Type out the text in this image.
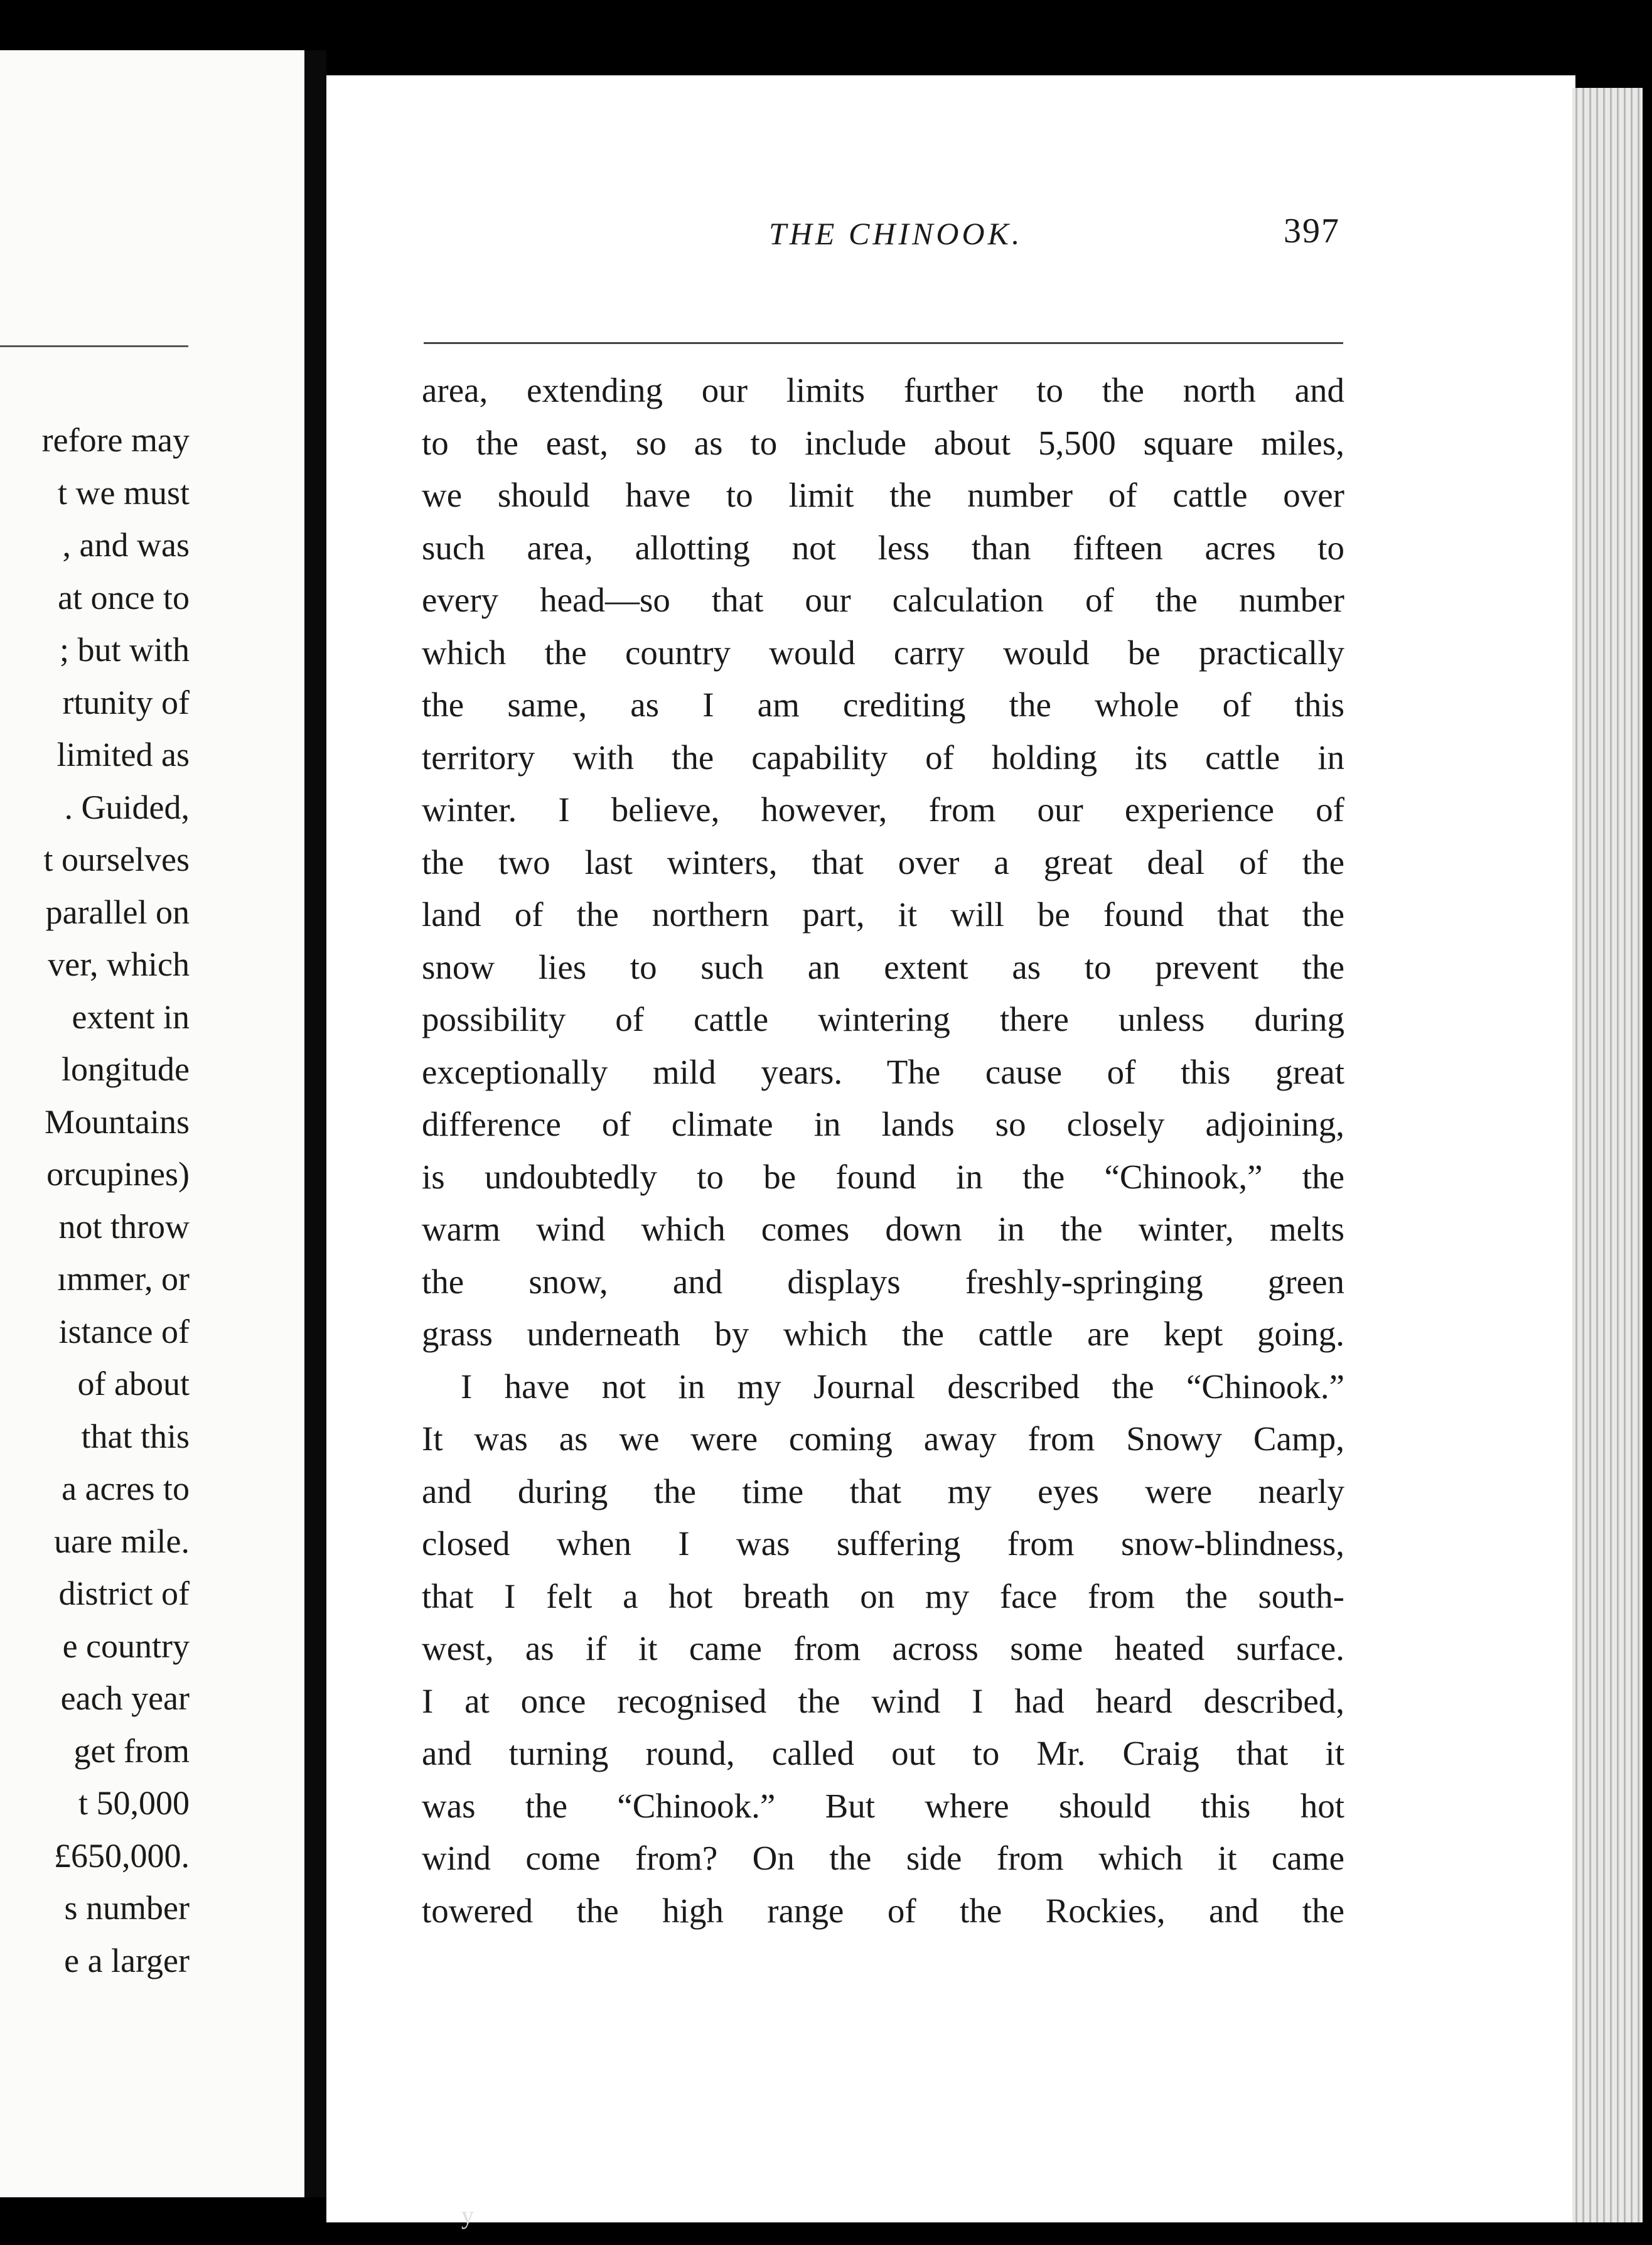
refore may
t we must
, and was
at once to
; but with
rtunity of
limited as
. Guided,
t ourselves
parallel on
ver, which
extent in
longitude
Mountains
orcupines)
not throw
ımmer, or
istance of
of about
that this
a acres to
uare mile.
district of
e country
each year
get from
t 50,000
£650,000.
s number
e a larger
THE CHINOOK.	397
area, extending our limits further to the north and
to the east, so as to include about 5,500 square miles,
we should have to limit the number of cattle over
such area, allotting not less than fifteen acres to
every head—so that our calculation of the number
which the country would carry would be practically
the same, as I am crediting the whole of this
territory with the capability of holding its cattle in
winter. I believe, however, from our experience of
the two last winters, that over a great deal of the
land of the northern part, it will be found that the
snow lies to such an extent as to prevent the
possibility of cattle wintering there unless during
exceptionally mild years. The cause of this great
difference of climate in lands so closely adjoining,
is undoubtedly to be found in the “Chinook,” the
warm wind which comes down in the winter, melts
the snow, and displays freshly-springing green
grass underneath by which the cattle are kept going.
I have not in my Journal described the “Chinook.”
It was as we were coming away from Snowy Camp,
and during the time that my eyes were nearly
closed when I was suffering from snow-blindness,
that I felt a hot breath on my face from the south-
west, as if it came from across some heated surface.
I at once recognised the wind I had heard described,
and turning round, called out to Mr. Craig that it
was the “Chinook.” But where should this hot
wind come from? On the side from which it came
towered the high range of the Rockies, and the
y
